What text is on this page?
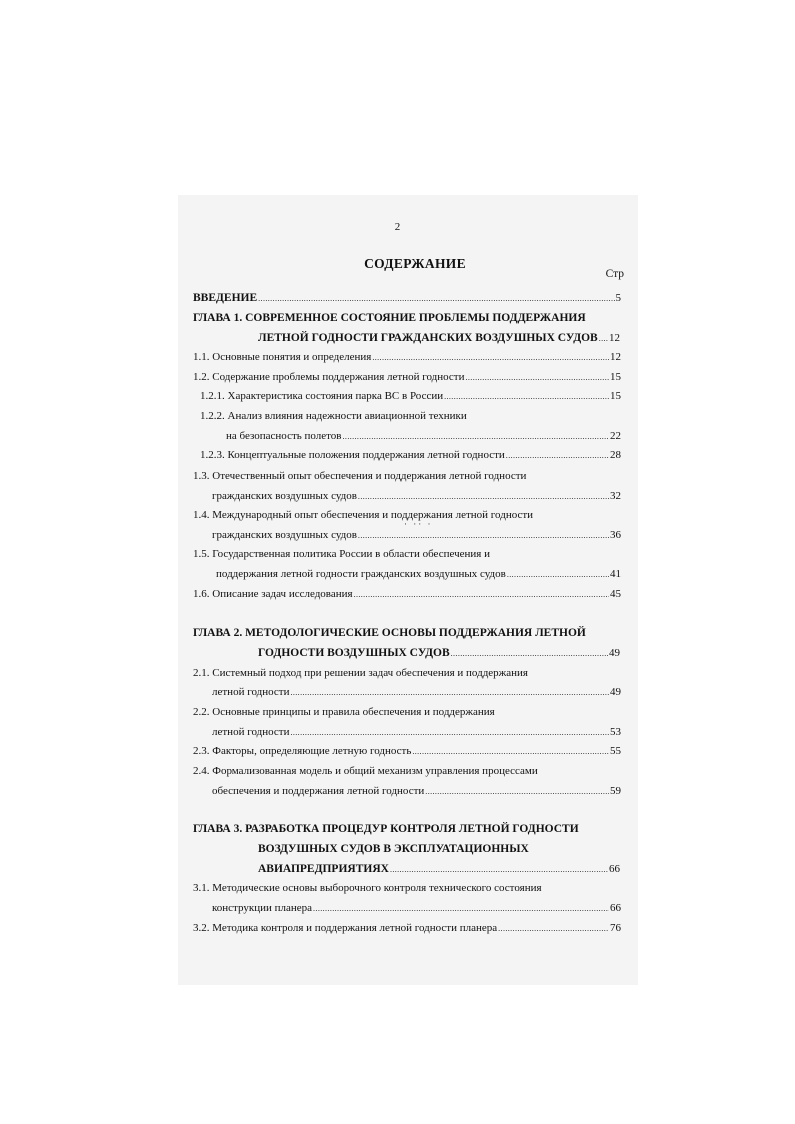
2
СОДЕРЖАНИЕ
Стр
ВВЕДЕНИЕ .....	5
ГЛАВА 1. СОВРЕМЕННОЕ СОСТОЯНИЕ ПРОБЛЕМЫ ПОДДЕРЖАНИЯ
ЛЕТНОЙ ГОДНОСТИ ГРАЖДАНСКИХ ВОЗДУШНЫХ СУДОВ ..... 12
1.1. Основные понятия и определения .....	12
1.2. Содержание проблемы поддержания летной годности .....	15
1.2.1. Характеристика состояния парка ВС в России .....	15
1.2.2. Анализ влияния надежности авиационной техники
на безопасность полетов .....	22
1.2.3. Концептуальные положения поддержания летной годности .....	28
1.3. Отечественный опыт обеспечения и поддержания летной годности
гражданских воздушных судов .....	32
1.4. Международный опыт обеспечения и поддержания летной годности
· ·· ·
гражданских воздушных судов .....	36
1.5. Государственная политика России в области обеспечения и
поддержания летной годности гражданских воздушных судов .....	41
1.6. Описание задач исследования .....	45
ГЛАВА 2. МЕТОДОЛОГИЧЕСКИЕ ОСНОВЫ ПОДДЕРЖАНИЯ ЛЕТНОЙ
ГОДНОСТИ ВОЗДУШНЫХ СУДОВ .....	49
2.1. Системный подход при решении задач обеспечения и поддержания
летной годности .....	49
2.2. Основные принципы и правила обеспечения и поддержания
летной годности .....	53
2.3. Факторы, определяющие летную годность .....	55
2.4. Формализованная модель и общий механизм управления процессами
обеспечения и поддержания летной годности .....	59
ГЛАВА 3. РАЗРАБОТКА ПРОЦЕДУР КОНТРОЛЯ ЛЕТНОЙ ГОДНОСТИ
ВОЗДУШНЫХ СУДОВ В ЭКСПЛУАТАЦИОННЫХ
АВИАПРЕДПРИЯТИЯХ .....	66
3.1. Методические основы выборочного контроля технического состояния
конструкции планера .....	66
3.2. Методика контроля и поддержания летной годности планера .....	76
